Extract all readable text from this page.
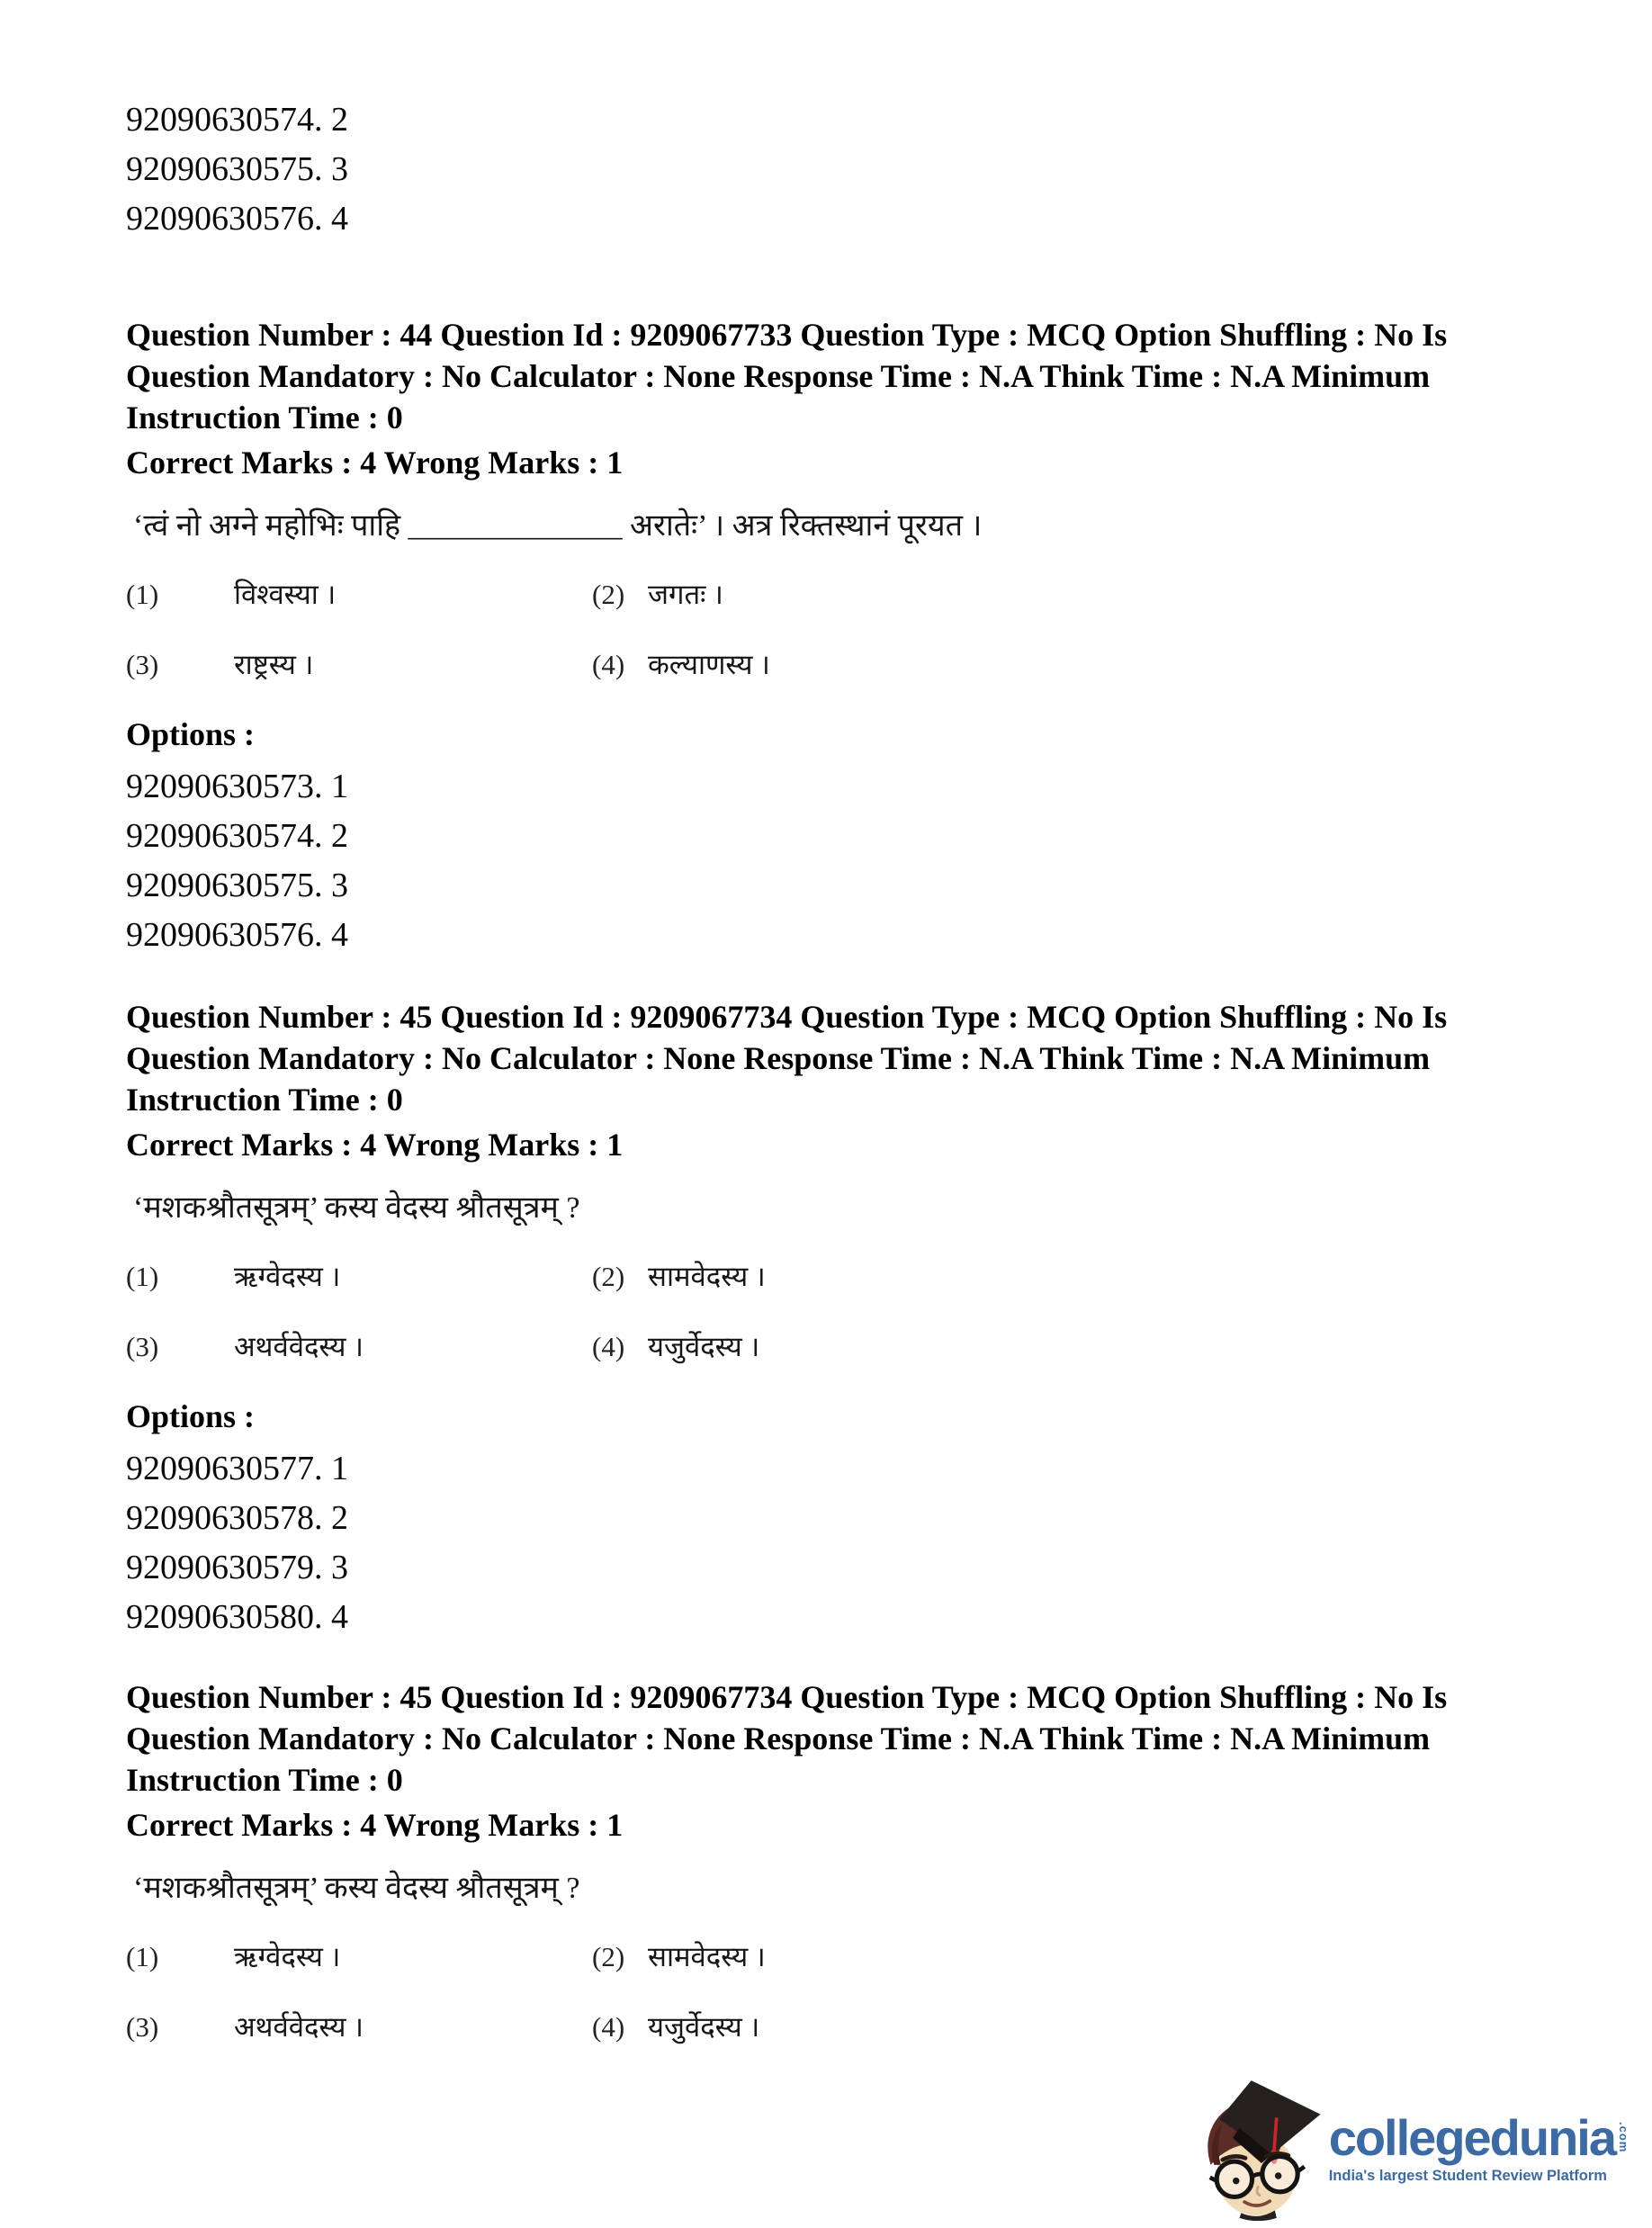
92090630574. 2
92090630575. 3
92090630576. 4
Question Number : 44 Question Id : 9209067733 Question Type : MCQ Option Shuffling : No Is
Question Mandatory : No Calculator : None Response Time : N.A Think Time : N.A Minimum
Instruction Time : 0
Correct Marks : 4 Wrong Marks : 1
‘त्वं नो अग्ने महोभिः पाहि ______________ अरातेः’ । अत्र रिक्तस्थानं पूरयत ।
(1)	विश्वस्या ।	(2) जगतः ।
(3)	राष्ट्रस्य ।	(4) कल्याणस्य ।
Options :
92090630573. 1
92090630574. 2
92090630575. 3
92090630576. 4
Question Number : 45 Question Id : 9209067734 Question Type : MCQ Option Shuffling : No Is
Question Mandatory : No Calculator : None Response Time : N.A Think Time : N.A Minimum
Instruction Time : 0
Correct Marks : 4 Wrong Marks : 1
‘मशकश्रौतसूत्रम्’ कस्य वेदस्य श्रौतसूत्रम् ?
(1)	ऋग्वेदस्य ।	(2) सामवेदस्य ।
(3)	अथर्ववेदस्य ।	(4) यजुर्वेदस्य ।
Options :
92090630577. 1
92090630578. 2
92090630579. 3
92090630580. 4
Question Number : 45 Question Id : 9209067734 Question Type : MCQ Option Shuffling : No Is
Question Mandatory : No Calculator : None Response Time : N.A Think Time : N.A Minimum
Instruction Time : 0
Correct Marks : 4 Wrong Marks : 1
‘मशकश्रौतसूत्रम्’ कस्य वेदस्य श्रौतसूत्रम् ?
(1)	ऋग्वेदस्य ।	(2) सामवेदस्य ।
(3)	अथर्ववेदस्य ।	(4) यजुर्वेदस्य ।
collegedunia .com
India's largest Student Review Platform
